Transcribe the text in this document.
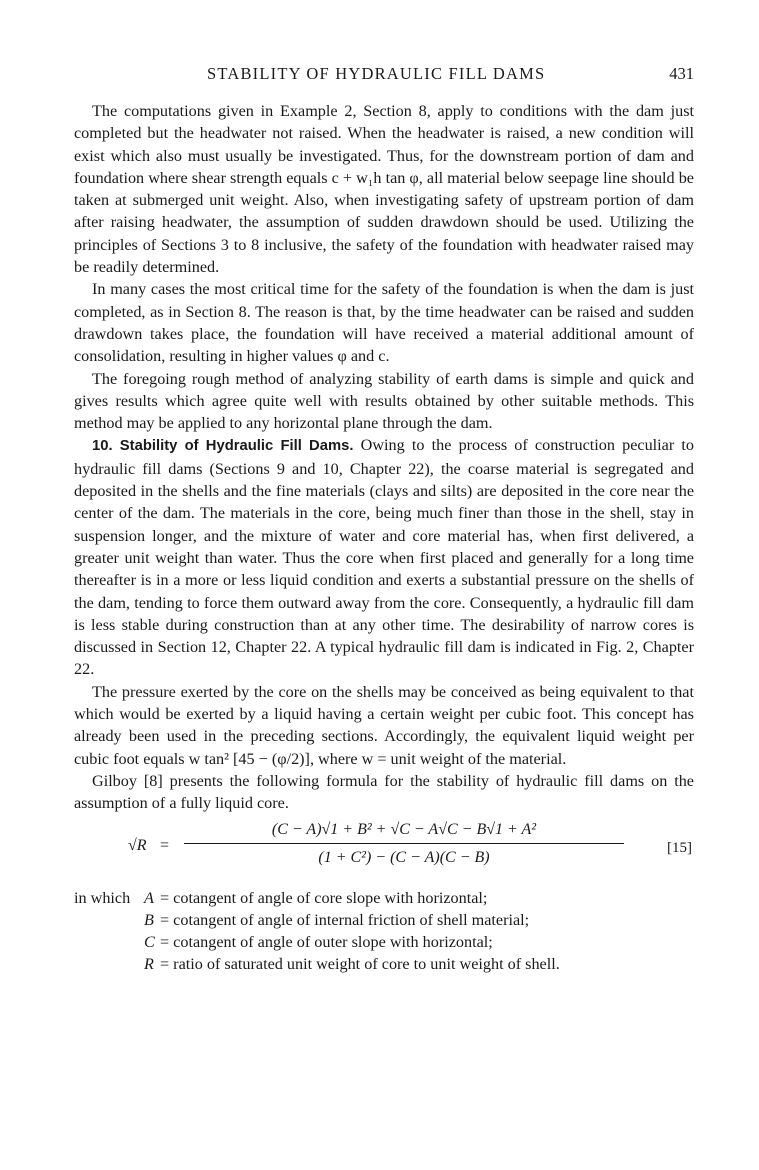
STABILITY OF HYDRAULIC FILL DAMS	431

The computations given in Example 2, Section 8, apply to conditions with the dam just completed but the headwater not raised. When the headwater is raised, a new condition will exist which also must usually be investigated. Thus, for the downstream portion of dam and foundation where shear strength equals c + w₁h tan φ, all material below seepage line should be taken at submerged unit weight. Also, when investigating safety of upstream portion of dam after raising headwater, the assumption of sudden drawdown should be used. Utilizing the principles of Sections 3 to 8 inclusive, the safety of the foundation with headwater raised may be readily determined.

In many cases the most critical time for the safety of the foundation is when the dam is just completed, as in Section 8. The reason is that, by the time headwater can be raised and sudden drawdown takes place, the foundation will have received a material additional amount of consolidation, resulting in higher values φ and c.

The foregoing rough method of analyzing stability of earth dams is simple and quick and gives results which agree quite well with results obtained by other suitable methods. This method may be applied to any horizontal plane through the dam.

10. Stability of Hydraulic Fill Dams. Owing to the process of construction peculiar to hydraulic fill dams (Sections 9 and 10, Chapter 22), the coarse material is segregated and deposited in the shells and the fine materials (clays and silts) are deposited in the core near the center of the dam. The materials in the core, being much finer than those in the shell, stay in suspension longer, and the mixture of water and core material has, when first delivered, a greater unit weight than water. Thus the core when first placed and generally for a long time thereafter is in a more or less liquid condition and exerts a substantial pressure on the shells of the dam, tending to force them outward away from the core. Consequently, a hydraulic fill dam is less stable during construction than at any other time. The desirability of narrow cores is discussed in Section 12, Chapter 22. A typical hydraulic fill dam is indicated in Fig. 2, Chapter 22.

The pressure exerted by the core on the shells may be conceived as being equivalent to that which would be exerted by a liquid having a certain weight per cubic foot. This concept has already been used in the preceding sections. Accordingly, the equivalent liquid weight per cubic foot equals w tan² [45 − (φ/2)], where w = unit weight of the material.

Gilboy [8] presents the following formula for the stability of hydraulic fill dams on the assumption of a fully liquid core.

√R =
(C − A)√1 + B² + √C − A√C − B√1 + A²
(1 + C²) − (C − A)(C − B)
[15]
in which A = cotangent of angle of core slope with horizontal;
B = cotangent of angle of internal friction of shell material;
C = cotangent of angle of outer slope with horizontal;
R = ratio of saturated unit weight of core to unit weight of shell.
